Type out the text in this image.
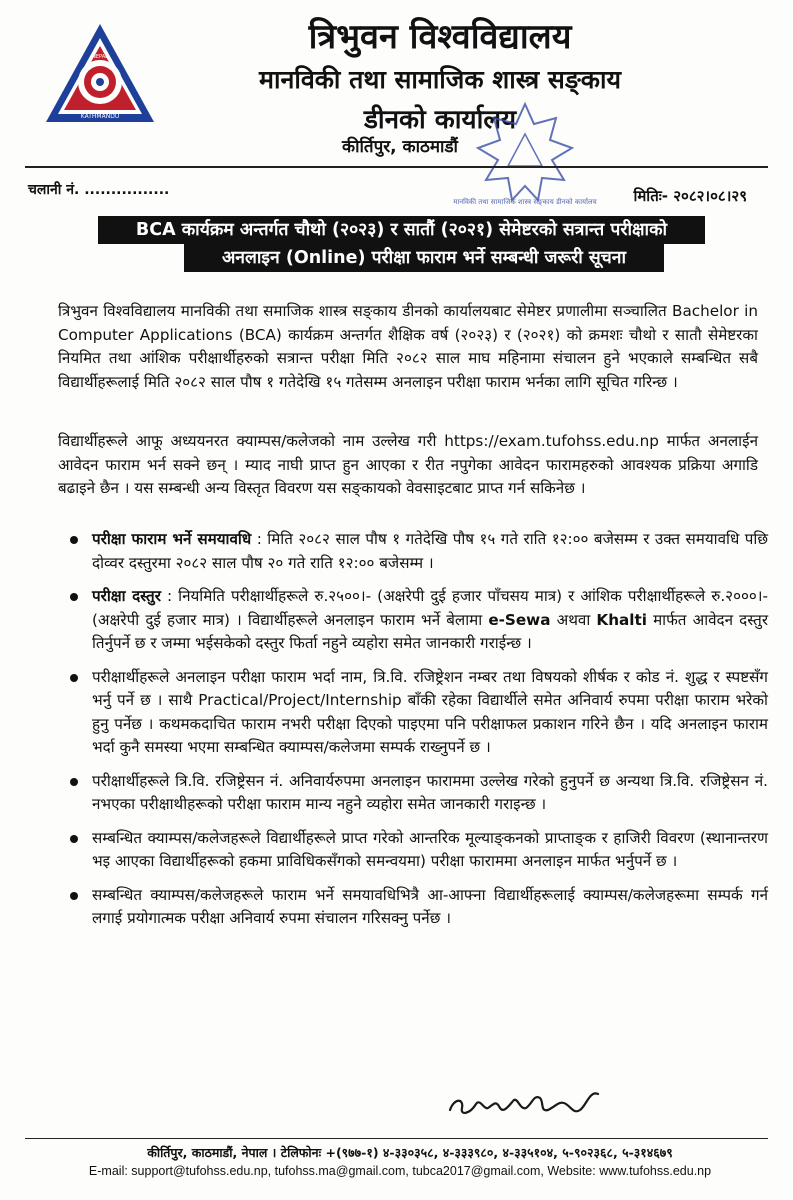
KATHMANDU
NEPAL	त्रिभुवन विश्वविद्यालय
मानविकी तथा सामाजिक शास्त्र सङ्‌काय
डीनको कार्यालय
कीर्तिपुर, काठमाडौं
मानविकी तथा सामाजिक शास्त्र सङ्‌काय डीनको कार्यालय
चलानी नं. ................	मितिः- २०८२।०८।२९
BCA कार्यक्रम अन्तर्गत चौथो (२०२३) र सातौं (२०२१) सेमेष्टरको सत्रान्त परीक्षाको
अनलाइन (Online) परीक्षा फाराम भर्ने सम्बन्धी जरूरी सूचना
त्रिभुवन विश्वविद्यालय मानविकी तथा समाजिक शास्त्र सङ्‌काय डीनको कार्यालयबाट सेमेष्टर प्रणालीमा सञ्चालित Bachelor in Computer Applications (BCA) कार्यक्रम अन्तर्गत शैक्षिक वर्ष (२०२३) र (२०२१) को क्रमशः चौथो र सातौ सेमेष्टरका नियमित तथा आंशिक परीक्षार्थीहरुको सत्रान्त परीक्षा मिति २०८२ साल माघ महिनामा संचालन हुने भएकाले सम्बन्धित सबै विद्यार्थीहरूलाई मिति २०८२ साल पौष १ गतेदेखि १५ गतेसम्म अनलाइन परीक्षा फाराम भर्नका लागि सूचित गरिन्छ ।
विद्यार्थीहरूले आफू अध्ययनरत क्याम्पस/कलेजको नाम उल्लेख गरी https://exam.tufohss.edu.np मार्फत अनलाईन आवेदन फाराम भर्न सक्ने छन् । म्याद नाघी प्राप्त हुन आएका र रीत नपुगेका आवेदन फारामहरुको आवश्यक प्रक्रिया अगाडि बढाइने छैन । यस सम्बन्धी अन्य विस्तृत विवरण यस सङ्‌कायको वेवसाइटबाट प्राप्त गर्न सकिनेछ ।
परीक्षा फाराम भर्ने समयावधि : मिति २०८२ साल पौष १ गतेदेखि पौष १५ गते राति १२:०० बजेसम्म र उक्त समयावधि पछि दोव्वर दस्तुरमा २०८२ साल पौष २० गते राति १२:०० बजेसम्म ।
परीक्षा दस्तुर : नियमिति परीक्षार्थीहरूले रु.२५००।- (अक्षरेपी दुई हजार पाँचसय मात्र) र आंशिक परीक्षार्थीहरूले रु.२०००।- (अक्षरेपी दुई हजार मात्र) । विद्यार्थीहरूले अनलाइन फाराम भर्ने बेलामा e-Sewa अथवा Khalti मार्फत आवेदन दस्तुर तिर्नुपर्ने छ र जम्मा भईसकेको दस्तुर फिर्ता नहुने व्यहोरा समेत जानकारी गराईन्छ ।
परीक्षार्थीहरूले अनलाइन परीक्षा फाराम भर्दा नाम, त्रि.वि. रजिष्ट्रेशन नम्बर तथा विषयको शीर्षक र कोड नं. शुद्ध र स्पष्टसँग भर्नु पर्ने छ । साथै Practical/Project/Internship बाँकी रहेका विद्यार्थीले समेत अनिवार्य रुपमा परीक्षा फाराम भरेको हुनु पर्नेछ । कथमकदाचित फाराम नभरी परीक्षा दिएको पाइएमा पनि परीक्षाफल प्रकाशन गरिने छैन । यदि अनलाइन फाराम भर्दा कुनै समस्या भएमा सम्बन्धित क्याम्पस/कलेजमा सम्पर्क राख्नुपर्ने छ ।
परीक्षार्थीहरूले त्रि.वि. रजिष्ट्रेसन नं. अनिवार्यरुपमा अनलाइन फाराममा उल्लेख गरेको हुनुपर्ने छ अन्यथा त्रि.वि. रजिष्ट्रेसन नं. नभएका परीक्षाथीहरूको परीक्षा फाराम मान्य नहुने व्यहोरा समेत जानकारी गराइन्छ ।
सम्बन्धित क्याम्पस/कलेजहरूले विद्यार्थीहरूले प्राप्त गरेको आन्तरिक मूल्याङ्‌कनको प्राप्ताङ्‌क र हाजिरी विवरण (स्थानान्तरण भइ आएका विद्यार्थीहरूको हकमा प्राविधिकसँगको समन्वयमा) परीक्षा फाराममा अनलाइन मार्फत भर्नुपर्ने छ ।
सम्बन्धित क्याम्पस/कलेजहरूले फाराम भर्ने समयावधिभित्रै आ-आफ्ना विद्यार्थीहरूलाई क्याम्पस/कलेजहरूमा सम्पर्क गर्न लगाई प्रयोगात्मक परीक्षा अनिवार्य रुपमा संचालन गरिसक्नु पर्नेछ ।
कीर्तिपुर, काठमाडौं, नेपाल । टेलिफोनः +(९७७-१) ४-३३०३५८, ४-३३३९८०, ४-३३५१०४, ५-९०२३६८, ५-३१४६७९
E-mail: support@tufohss.edu.np, tufohss.ma@gmail.com, tubca2017@gmail.com, Website: www.tufohss.edu.np
